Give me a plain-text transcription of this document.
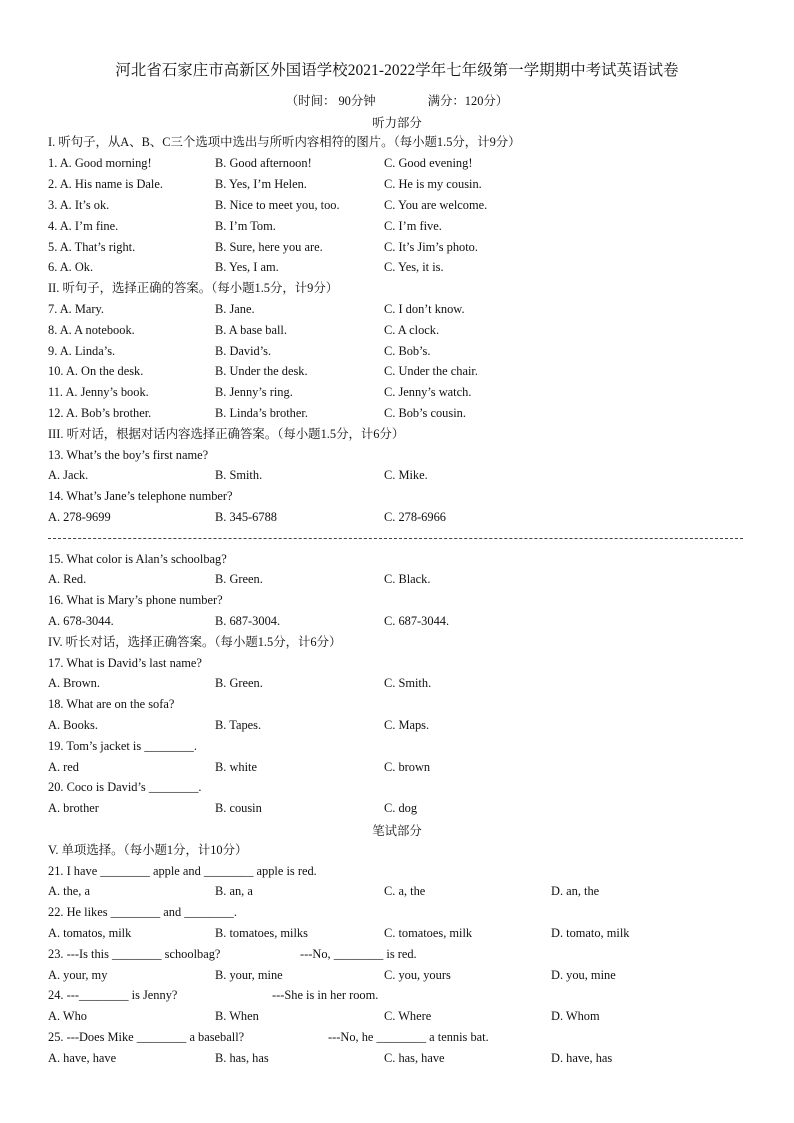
河北省石家庄市高新区外国语学校2021-2022学年七年级第一学期期中考试英语试卷
（时间： 90分钟	满分：120分）
听力部分
I. 听句子，从A、B、C三个选项中选出与所听内容相符的图片。（每小题1.5分，计9分）
1. A. Good morning!	B. Good afternoon!	C. Good evening!
2. A. His name is Dale.	B. Yes, I’m Helen.	C. He is my cousin.
3. A. It’s ok.	B. Nice to meet you, too.	C. You are welcome.
4. A. I’m fine.	B. I’m Tom.	C. I’m five.
5. A. That’s right.	B. Sure, here you are.	C. It’s Jim’s photo.
6. A. Ok.	B. Yes, I am.	C. Yes, it is.
II. 听句子，选择正确的答案。（每小题1.5分，计9分）
7. A. Mary.	B. Jane.	C. I don’t know.
8. A. A notebook.	B. A base ball.	C. A clock.
9. A. Linda’s.	B. David’s.	C. Bob’s.
10. A. On the desk.	B. Under the desk.	C. Under the chair.
11. A. Jenny’s book.	B. Jenny’s ring.	C. Jenny’s watch.
12. A. Bob’s brother.	B. Linda’s brother.	C. Bob’s cousin.
III. 听对话，根据对话内容选择正确答案。（每小题1.5分，计6分）
13. What’s the boy’s first name?
A. Jack.	B. Smith.	C. Mike.
14. What’s Jane’s telephone number?
A. 278-9699	B. 345-6788	C. 278-6966
15. What color is Alan’s schoolbag?
A. Red.	B. Green.	C. Black.
16. What is Mary’s phone number?
A. 678-3044.	B. 687-3004.	C. 687-3044.
IV. 听长对话，选择正确答案。（每小题1.5分，计6分）
17. What is David’s last name?
A. Brown.	B. Green.	C. Smith.
18. What are on the sofa?
A. Books.	B. Tapes.	C. Maps.
19. Tom’s jacket is ________.
A. red	B. white	C. brown
20. Coco is David’s ________.
A. brother	B. cousin	C. dog
笔试部分
V. 单项选择。（每小题1分，计10分）
21. I have ________ apple and ________ apple is red.
A. the, a	B. an, a	C. a, the	D. an, the
22. He likes ________ and ________.
A. tomatos, milk	B. tomatoes, milks	C. tomatoes, milk	D. tomato, milk
23. ---Is this ________ schoolbag?	---No, ________ is red.
A. your, my	B. your, mine	C. you, yours	D. you, mine
24. ---________ is Jenny?	---She is in her room.
A. Who	B. When	C. Where	D. Whom
25. ---Does Mike ________ a baseball?	---No, he ________ a tennis bat.
A. have, have	B. has, has	C. has, have	D. have, has
